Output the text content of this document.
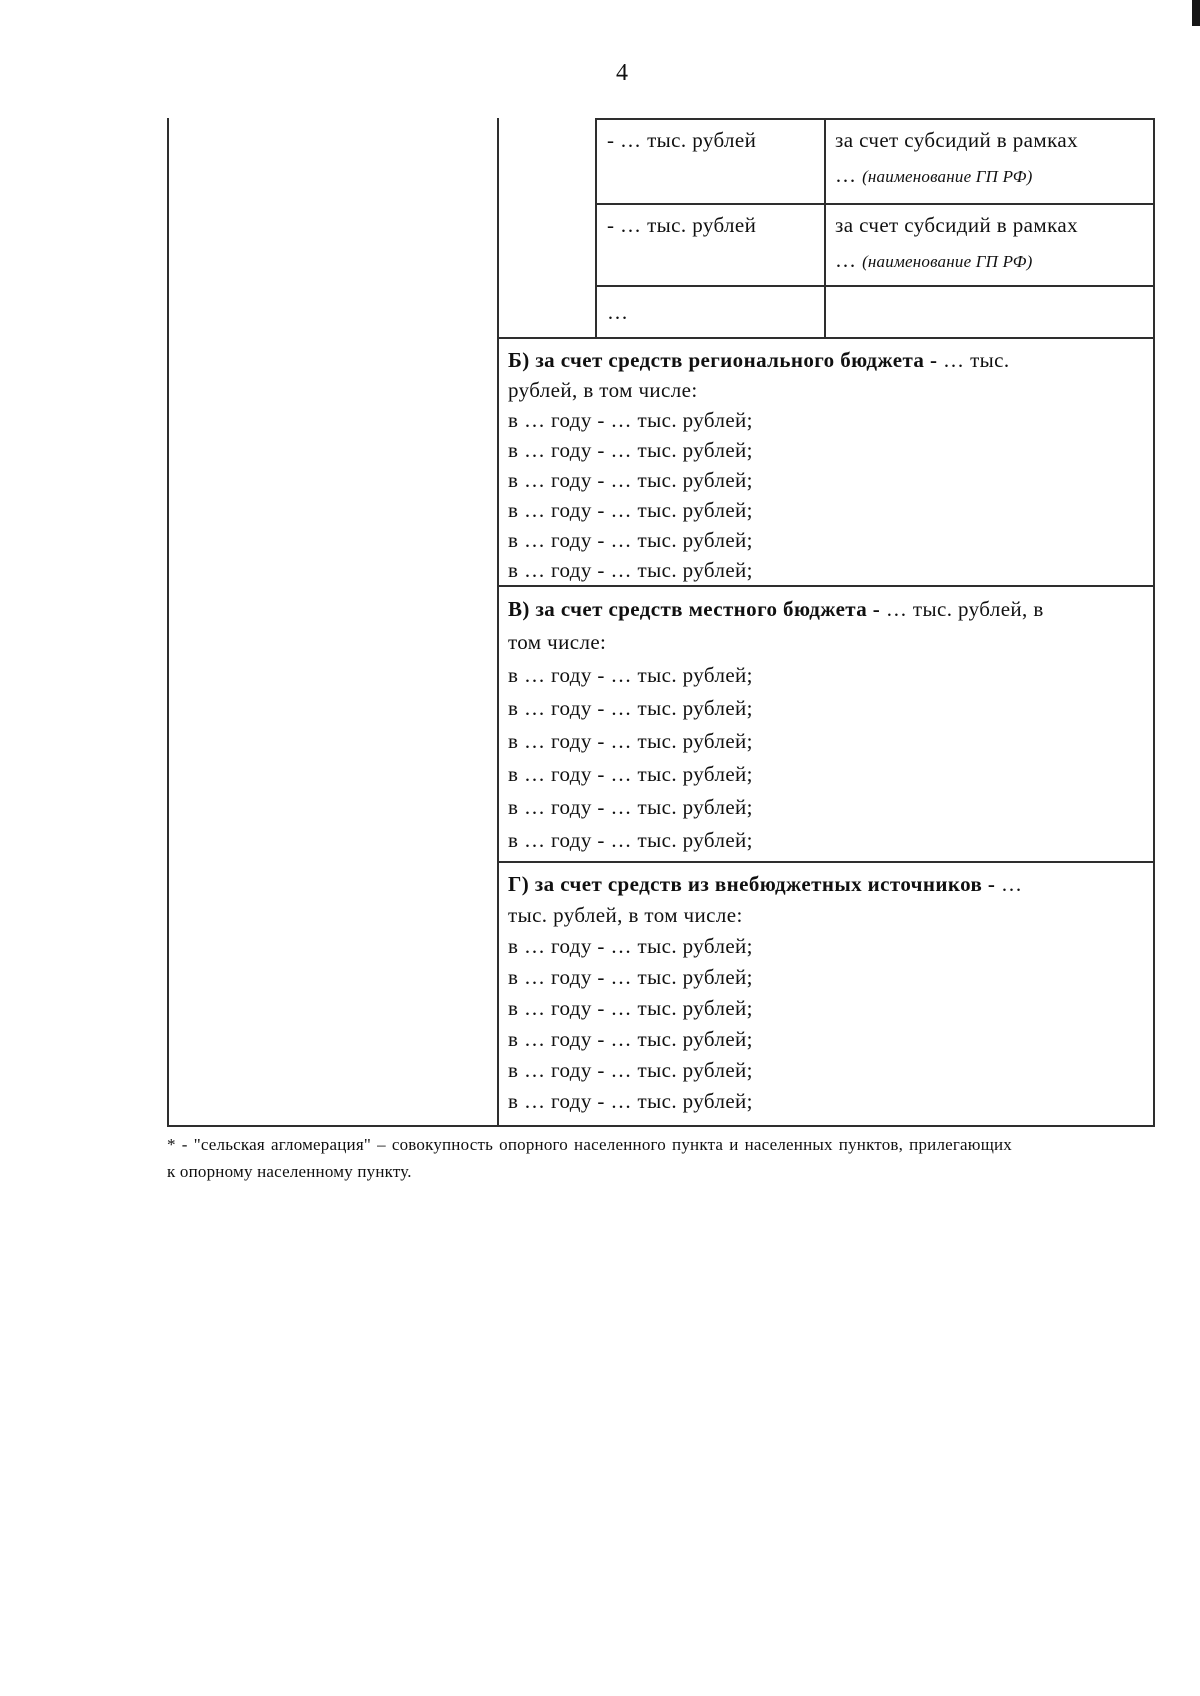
4
- … тыс. рублей	за счет субсидий в рамках
… (наименование ГП РФ)
- … тыс. рублей	за счет субсидий в рамках
… (наименование ГП РФ)
…
Б) за счет средств регионального бюджета - … тыс.
рублей, в том числе:
в … году - … тыс. рублей;
в … году - … тыс. рублей;
в … году - … тыс. рублей;
в … году - … тыс. рублей;
в … году - … тыс. рублей;
в … году - … тыс. рублей;
В) за счет средств местного бюджета - … тыс. рублей, в
том числе:
в … году - … тыс. рублей;
в … году - … тыс. рублей;
в … году - … тыс. рублей;
в … году - … тыс. рублей;
в … году - … тыс. рублей;
в … году - … тыс. рублей;
Г) за счет средств из внебюджетных источников - …
тыс. рублей, в том числе:
в … году - … тыс. рублей;
в … году - … тыс. рублей;
в … году - … тыс. рублей;
в … году - … тыс. рублей;
в … году - … тыс. рублей;
в … году - … тыс. рублей;
* - "сельская агломерация" – совокупность опорного населенного пункта и населенных пунктов, прилегающих
к опорному населенному пункту.
